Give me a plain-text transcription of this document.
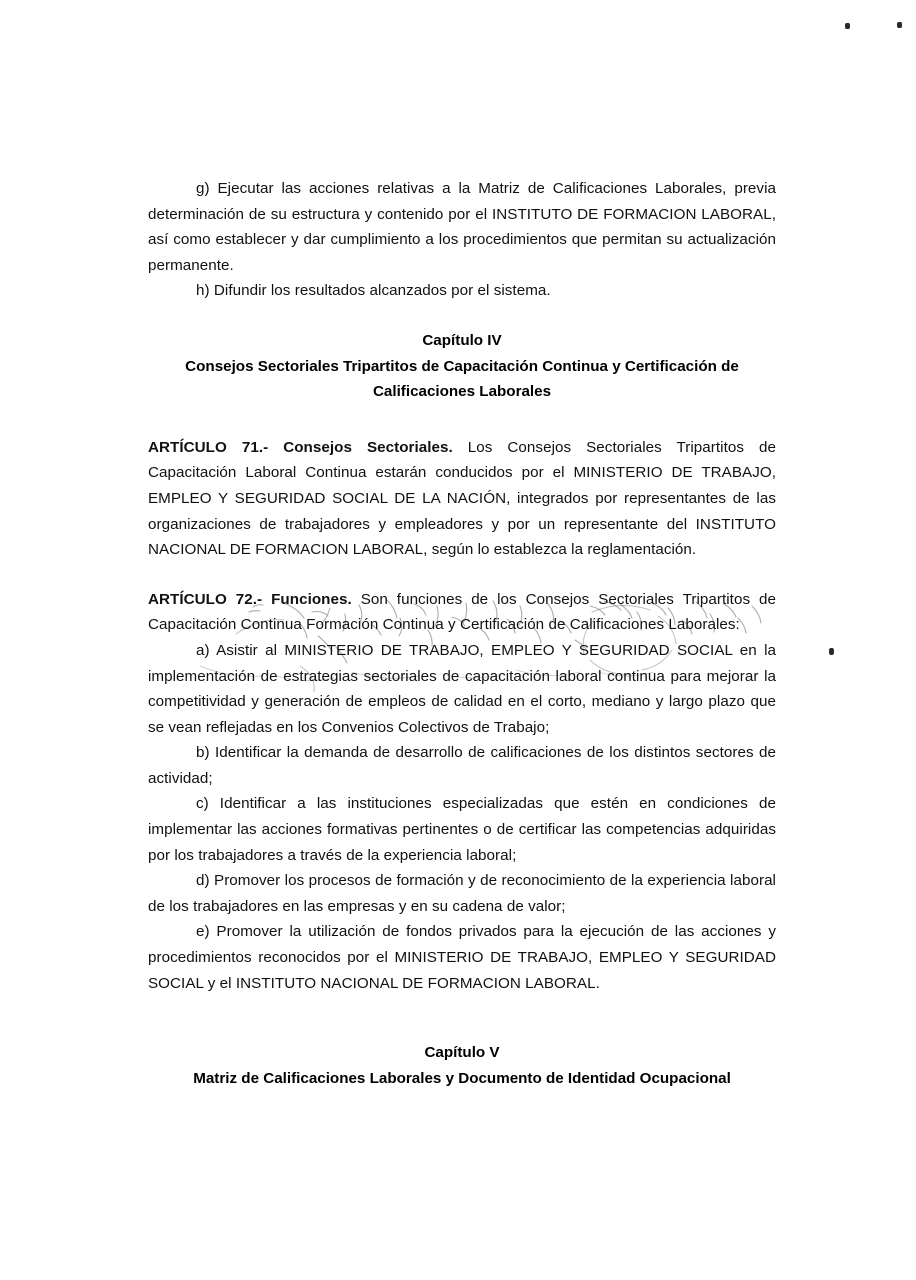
g) Ejecutar las acciones relativas a la Matriz de Calificaciones Laborales, previa determinación de su estructura y contenido por el INSTITUTO DE FORMACION LABORAL, así como establecer y dar cumplimiento a los procedimientos que permitan su actualización permanente.

h) Difundir los resultados alcanzados por el sistema.

Capítulo IV
Consejos Sectoriales Tripartitos de Capacitación Continua y Certificación de
Calificaciones Laborales

ARTÍCULO 71.- Consejos Sectoriales. Los Consejos Sectoriales Tripartitos de Capacitación Laboral Continua estarán conducidos por el MINISTERIO DE TRABAJO, EMPLEO Y SEGURIDAD SOCIAL DE LA NACIÓN, integrados por representantes de las organizaciones de trabajadores y empleadores y por un representante del INSTITUTO NACIONAL DE FORMACION LABORAL, según lo establezca la reglamentación.

ARTÍCULO 72.- Funciones. Son funciones de los Consejos Sectoriales Tripartitos de Capacitación Continua Formación Continua y Certificación de Calificaciones Laborales:

a) Asistir al MINISTERIO DE TRABAJO, EMPLEO Y SEGURIDAD SOCIAL en la implementación de estrategias sectoriales de capacitación laboral continua para mejorar la competitividad y generación de empleos de calidad en el corto, mediano y largo plazo que se vean reflejadas en los Convenios Colectivos de Trabajo;

b) Identificar la demanda de desarrollo de calificaciones de los distintos sectores de actividad;

c) Identificar a las instituciones especializadas que estén en condiciones de implementar las acciones formativas pertinentes o de certificar las competencias adquiridas por los trabajadores a través de la experiencia laboral;

d) Promover los procesos de formación y de reconocimiento de la experiencia laboral de los trabajadores en las empresas y en su cadena de valor;

e) Promover la utilización de fondos privados para la ejecución de las acciones y procedimientos reconocidos por el MINISTERIO DE TRABAJO, EMPLEO Y SEGURIDAD SOCIAL y el INSTITUTO NACIONAL DE FORMACION LABORAL.

Capítulo V
Matriz de Calificaciones Laborales y Documento de Identidad Ocupacional
